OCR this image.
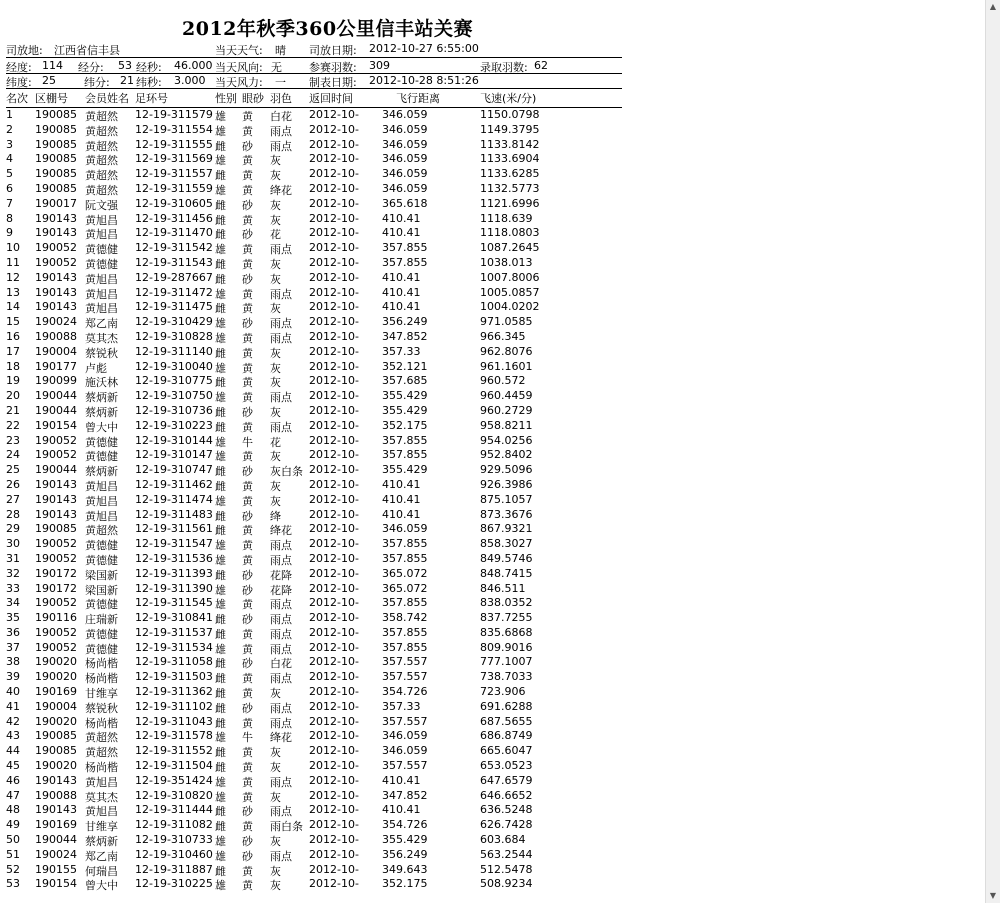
2012年秋季360公里信丰站关赛
司放地: 江西省信丰县	当天天气: 晴 司放日期: 2012-10-27 6:55:00
经度: 114 经分: 53 经秒: 46.000 当天风向: 无 参赛羽数: 309	录取羽数: 62
纬度: 25	纬分: 21 纬秒: 3.000 当天风力: 一 制表日期: 2012-10-28 8:51:26
名次 区棚号 会员姓名 足环号	性别 眼砂 羽色 返回时间	飞行距离	飞速(米/分)
1 190085 黄超然 12-19-311579 雄 黄 白花 2012-10- 346.059	1150.0798
2 190085 黄超然 12-19-311554 雄 黄 雨点 2012-10- 346.059	1149.3795
3 190085 黄超然 12-19-311555 雌 砂 雨点 2012-10- 346.059	1133.8142
4 190085 黄超然 12-19-311569 雄 黄 灰	2012-10- 346.059	1133.6904
5 190085 黄超然 12-19-311557 雌 黄 灰	2012-10- 346.059	1133.6285
6 190085 黄超然 12-19-311559 雄 黄 绛花 2012-10- 346.059	1132.5773
7 190017 阮文强 12-19-310605 雌 砂 灰	2012-10- 365.618	1121.6996
8 190143 黄旭昌 12-19-311456 雌 黄 灰	2012-10- 410.41	1118.639
9 190143 黄旭昌 12-19-311470 雌 砂 花	2012-10- 410.41	1118.0803
10 190052 黄德健 12-19-311542 雄 黄 雨点 2012-10- 357.855	1087.2645
11 190052 黄德健 12-19-311543 雌 黄 灰	2012-10- 357.855	1038.013
12 190143 黄旭昌 12-19-287667 雌 砂 灰	2012-10- 410.41	1007.8006
13 190143 黄旭昌 12-19-311472 雄 黄 雨点 2012-10- 410.41	1005.0857
14 190143 黄旭昌 12-19-311475 雌 黄 灰	2012-10- 410.41	1004.0202
15 190024 郑乙南 12-19-310429 雄 砂 雨点 2012-10- 356.249	971.0585
16 190088 莫其杰 12-19-310828 雄 黄 雨点 2012-10- 347.852	966.345
17 190004 蔡锐秋 12-19-311140 雌 黄 灰	2012-10- 357.33	962.8076
18 190177 卢彪	12-19-310040 雄 黄 灰	2012-10- 352.121	961.1601
19 190099 施沃林 12-19-310775 雌 黄 灰	2012-10- 357.685	960.572
20 190044 蔡炳新 12-19-310750 雄 黄 雨点 2012-10- 355.429	960.4459
21 190044 蔡炳新 12-19-310736 雌 砂 灰	2012-10- 355.429	960.2729
22 190154 曾大中 12-19-310223 雌 黄 雨点 2012-10- 352.175	958.8211
23 190052 黄德健 12-19-310144 雄 牛 花	2012-10- 357.855	954.0256
24 190052 黄德健 12-19-310147 雄 黄 灰	2012-10- 357.855	952.8402
25 190044 蔡炳新 12-19-310747 雌 砂 灰白条 2012-10- 355.429	929.5096
26 190143 黄旭昌 12-19-311462 雌 黄 灰	2012-10- 410.41	926.3986
27 190143 黄旭昌 12-19-311474 雄 黄 灰	2012-10- 410.41	875.1057
28 190143 黄旭昌 12-19-311483 雌 砂 绛	2012-10- 410.41	873.3676
29 190085 黄超然 12-19-311561 雌 黄 绛花 2012-10- 346.059	867.9321
30 190052 黄德健 12-19-311547 雄 黄 雨点 2012-10- 357.855	858.3027
31 190052 黄德健 12-19-311536 雄 黄 雨点 2012-10- 357.855	849.5746
32 190172 梁国新 12-19-311393 雌 砂 花降 2012-10- 365.072	848.7415
33 190172 梁国新 12-19-311390 雄 砂 花降 2012-10- 365.072	846.511
34 190052 黄德健 12-19-311545 雄 黄 雨点 2012-10- 357.855	838.0352
35 190116 庄瑞新 12-19-310841 雌 砂 雨点 2012-10- 358.742	837.7255
36 190052 黄德健 12-19-311537 雌 黄 雨点 2012-10- 357.855	835.6868
37 190052 黄德健 12-19-311534 雄 黄 雨点 2012-10- 357.855	809.9016
38 190020 杨尚楷 12-19-311058 雌 砂 白花 2012-10- 357.557	777.1007
39 190020 杨尚楷 12-19-311503 雌 黄 雨点 2012-10- 357.557	738.7033
40 190169 甘维享 12-19-311362 雌 黄 灰	2012-10- 354.726	723.906
41 190004 蔡锐秋 12-19-311102 雌 砂 雨点 2012-10- 357.33	691.6288
42 190020 杨尚楷 12-19-311043 雌 黄 雨点 2012-10- 357.557	687.5655
43 190085 黄超然 12-19-311578 雄 牛 绛花 2012-10- 346.059	686.8749
44 190085 黄超然 12-19-311552 雌 黄 灰	2012-10- 346.059	665.6047
45 190020 杨尚楷 12-19-311504 雌 黄 灰	2012-10- 357.557	653.0523
46 190143 黄旭昌 12-19-351424 雄 黄 雨点 2012-10- 410.41	647.6579
47 190088 莫其杰 12-19-310820 雄 黄 灰	2012-10- 347.852	646.6652
48 190143 黄旭昌 12-19-311444 雌 砂 雨点 2012-10- 410.41	636.5248
49 190169 甘维享 12-19-311082 雌 黄 雨白条 2012-10- 354.726	626.7428
50 190044 蔡炳新 12-19-310733 雄 砂 灰	2012-10- 355.429	603.684
51 190024 郑乙南 12-19-310460 雄 砂 雨点 2012-10- 356.249	563.2544
52 190155 何瑞昌 12-19-311887 雌 黄 灰	2012-10- 349.643	512.5478
53 190154 曾大中 12-19-310225 雄 黄 灰	2012-10- 352.175	508.9234
▲
▼
